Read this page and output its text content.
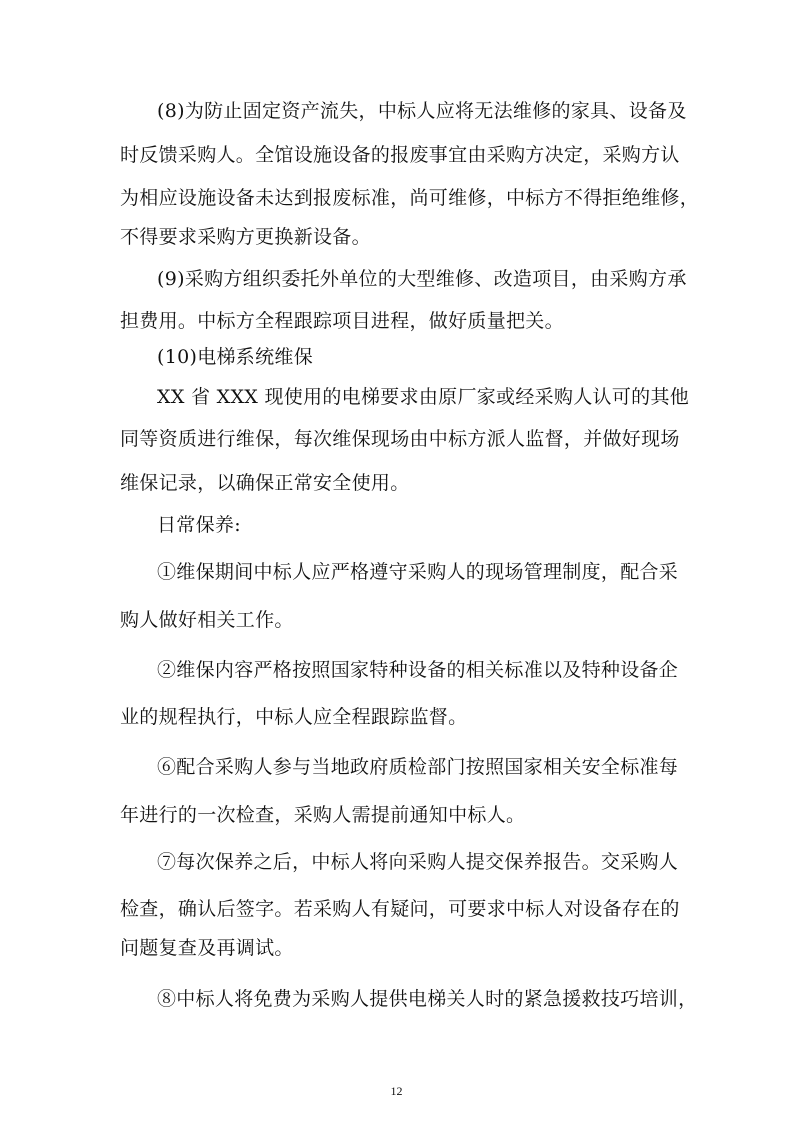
(8)为防止固定资产流失，中标人应将无法维修的家具、设备及
时反馈采购人。全馆设施设备的报废事宜由采购方决定，采购方认
为相应设施设备未达到报废标准，尚可维修，中标方不得拒绝维修，
不得要求采购方更换新设备。
(9)采购方组织委托外单位的大型维修、改造项目，由采购方承
担费用。中标方全程跟踪项目进程，做好质量把关。
(10)电梯系统维保
XX 省 XXX 现使用的电梯要求由原厂家或经采购人认可的其他
同等资质进行维保，每次维保现场由中标方派人监督，并做好现场
维保记录，以确保正常安全使用。
日常保养:
①维保期间中标人应严格遵守采购人的现场管理制度，配合采
购人做好相关工作。
②维保内容严格按照国家特种设备的相关标准以及特种设备企
业的规程执行，中标人应全程跟踪监督。
⑥配合采购人参与当地政府质检部门按照国家相关安全标准每
年进行的一次检查，采购人需提前通知中标人。
⑦每次保养之后，中标人将向采购人提交保养报告。交采购人
检查，确认后签字。若采购人有疑问，可要求中标人对设备存在的
问题复查及再调试。
⑧中标人将免费为采购人提供电梯关人时的紧急援救技巧培训，
12
